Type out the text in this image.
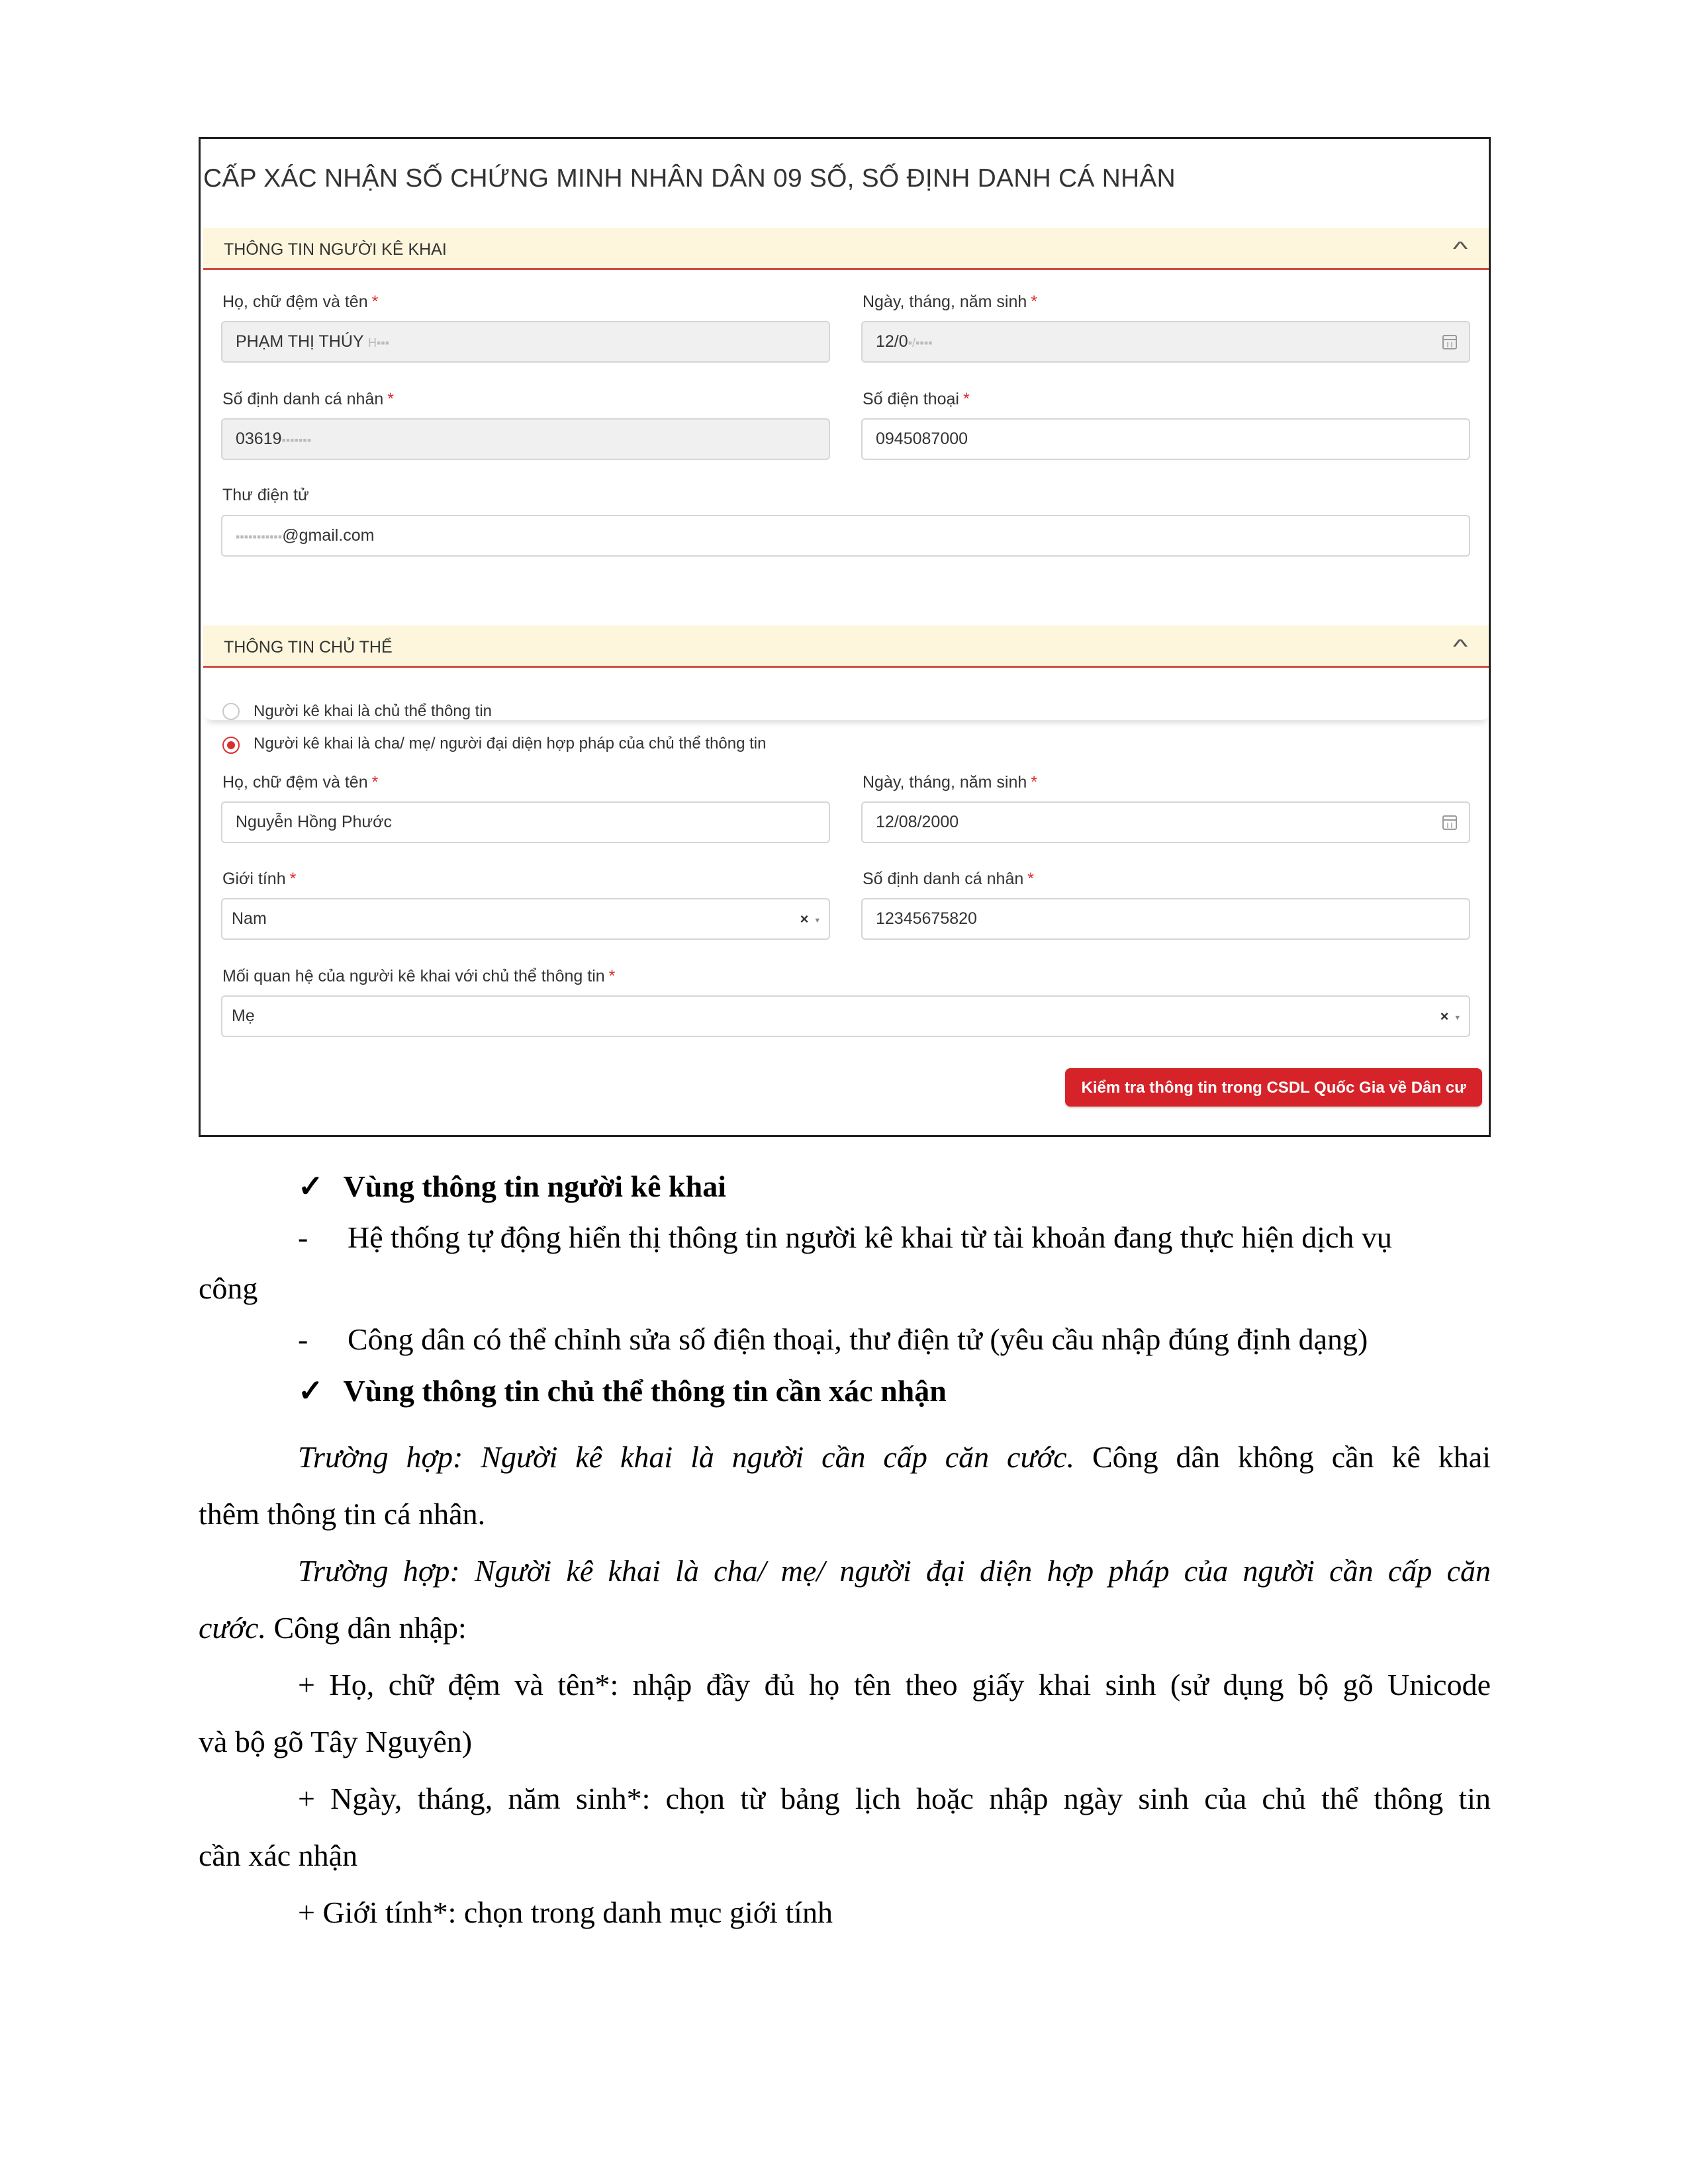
CẤP XÁC NHẬN SỐ CHỨNG MINH NHÂN DÂN 09 SỐ, SỐ ĐỊNH DANH CÁ NHÂN
THÔNG TIN NGƯỜI KÊ KHAI	^
Họ, chữ đệm và tên *
PHẠM THỊ THÚY H▪▪▪
Ngày, tháng, năm sinh *
12/0▪/▪▪▪▪
Số định danh cá nhân *
03619▪▪▪▪▪▪▪
Số điện thoại *
0945087000
Thư điện tử
▪▪▪▪▪▪▪▪▪▪▪@gmail.com
THÔNG TIN CHỦ THỂ	^
Người kê khai là chủ thể thông tin
Người kê khai là cha/ mẹ/ người đại diện hợp pháp của chủ thể thông tin
Họ, chữ đệm và tên *
Nguyễn Hồng Phước
Ngày, tháng, năm sinh *
12/08/2000
Giới tính *
Nam	× ▾
Số định danh cá nhân *
12345675820
Mối quan hệ của người kê khai với chủ thể thông tin *
Mẹ	× ▾
Kiểm tra thông tin trong CSDL Quốc Gia về Dân cư
✓ Vùng thông tin người kê khai
- Hệ thống tự động hiển thị thông tin người kê khai từ tài khoản đang thực hiện dịch vụ
công
- Công dân có thể chỉnh sửa số điện thoại, thư điện tử (yêu cầu nhập đúng định dạng)
✓ Vùng thông tin chủ thể thông tin cần xác nhận
Trường hợp: Người kê khai là người cần cấp căn cước. Công dân không cần kê khai
thêm thông tin cá nhân.
Trường hợp: Người kê khai là cha/ mẹ/ người đại diện hợp pháp của người cần cấp căn
cước. Công dân nhập:
+ Họ, chữ đệm và tên*: nhập đầy đủ họ tên theo giấy khai sinh (sử dụng bộ gõ Unicode
và bộ gõ Tây Nguyên)
+ Ngày, tháng, năm sinh*: chọn từ bảng lịch hoặc nhập ngày sinh của chủ thể thông tin
cần xác nhận
+ Giới tính*: chọn trong danh mục giới tính
